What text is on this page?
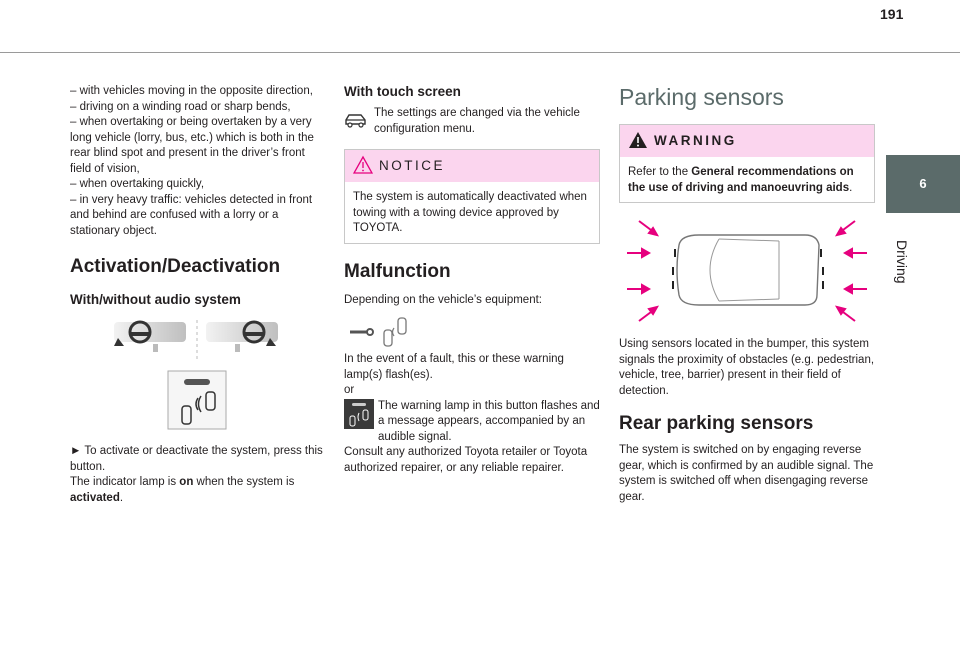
191
6
Driving

– with vehicles moving in the opposite direction,

– driving on a winding road or sharp bends,

– when overtaking or being overtaken by a very long vehicle (lorry, bus, etc.) which is both in the rear blind spot and present in the driver’s front field of vision,

– when overtaking quickly,

– in very heavy traffic: vehicles detected in front and behind are confused with a lorry or a stationary object.

Activation/Deactivation
With/without audio system

► To activate or deactivate the system, press this button.

The indicator lamp is on when the system is activated.

With touch screen

The settings are changed via the vehicle configuration menu.

NOTICE

The system is automatically deactivated when towing with a towing device approved by TOYOTA.

Malfunction

Depending on the vehicle’s equipment:

In the event of a fault, this or these warning lamp(s) flash(es).

or

The warning lamp in this button flashes and a message appears, accompanied by an audible signal.

Consult any authorized Toyota retailer or Toyota authorized repairer, or any reliable repairer.

Parking sensors
WARNING

Refer to the General recommendations on the use of driving and manoeuvring aids.

Using sensors located in the bumper, this system signals the proximity of obstacles (e.g. pedestrian, vehicle, tree, barrier) present in their field of detection.

Rear parking sensors

The system is switched on by engaging reverse gear, which is confirmed by an audible signal. The system is switched off when disengaging reverse gear.
